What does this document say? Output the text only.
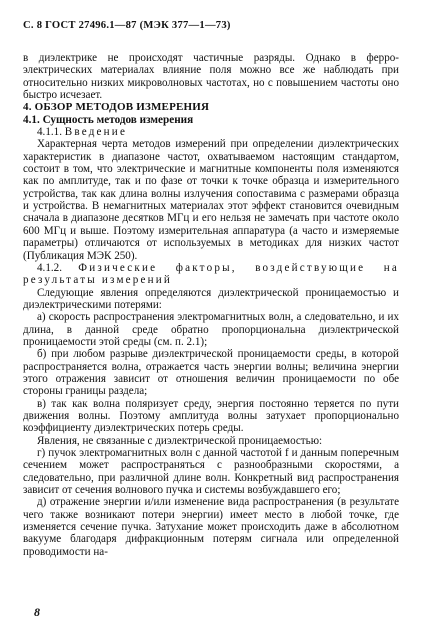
С. 8 ГОСТ 27496.1—87 (МЭК 377—1—73)

в диэлектрике не происходят частичные разряды. Однако в ферро-электрических материалах влияние поля можно все же наблюдать при относительно низких микроволновых частотах, но с повышением частоты оно быстро исчезает.

4. ОБЗОР МЕТОДОВ ИЗМЕРЕНИЯ

4.1. Сущность методов измерения

4.1.1. Введение

Характерная черта методов измерений при определении диэлектрических характеристик в диапазоне частот, охватываемом настоящим стандартом, состоит в том, что электрические и магнитные компоненты поля изменяются как по амплитуде, так и по фазе от точки к точке образца и измерительного устройства, так как длина волны излучения сопоставима с размерами образца и устройства. В немагнитных материалах этот эффект становится очевидным сначала в диапазоне десятков МГц и его нельзя не замечать при частоте около 600 МГц и выше. Поэтому измерительная аппаратура (а часто и измеряемые параметры) отличаются от используемых в методиках для низких частот (Публикация МЭК 250).

4.1.2. Физические факторы, воздействующие на результаты измерений

Следующие явления определяются диэлектрической проницаемостью и диэлектрическими потерями:

а) скорость распространения электромагнитных волн, а следовательно, и их длина, в данной среде обратно пропорциональна диэлектрической проницаемости этой среды (см. п. 2.1);

б) при любом разрыве диэлектрической проницаемости среды, в которой распространяется волна, отражается часть энергии волны; величина энергии этого отражения зависит от отношения величин проницаемости по обе стороны границы раздела;

в) так как волна поляризует среду, энергия постоянно теряется по пути движения волны. Поэтому амплитуда волны затухает пропорционально коэффициенту диэлектрических потерь среды.

Явления, не связанные с диэлектрической проницаемостью:

г) пучок электромагнитных волн с данной частотой f и данным поперечным сечением может распространяться с разнообразными скоростями, а следовательно, при различной длине волн. Конкретный вид распространения зависит от сечения волнового пучка и системы возбуждавшего его;

д) отражение энергии и/или изменение вида распространения (в результате чего также возникают потери энергии) имеет место в любой точке, где изменяется сечение пучка. Затухание может происходить даже в абсолютном вакууме благодаря дифракционным потерям сигнала или определенной проводимости на-

8
